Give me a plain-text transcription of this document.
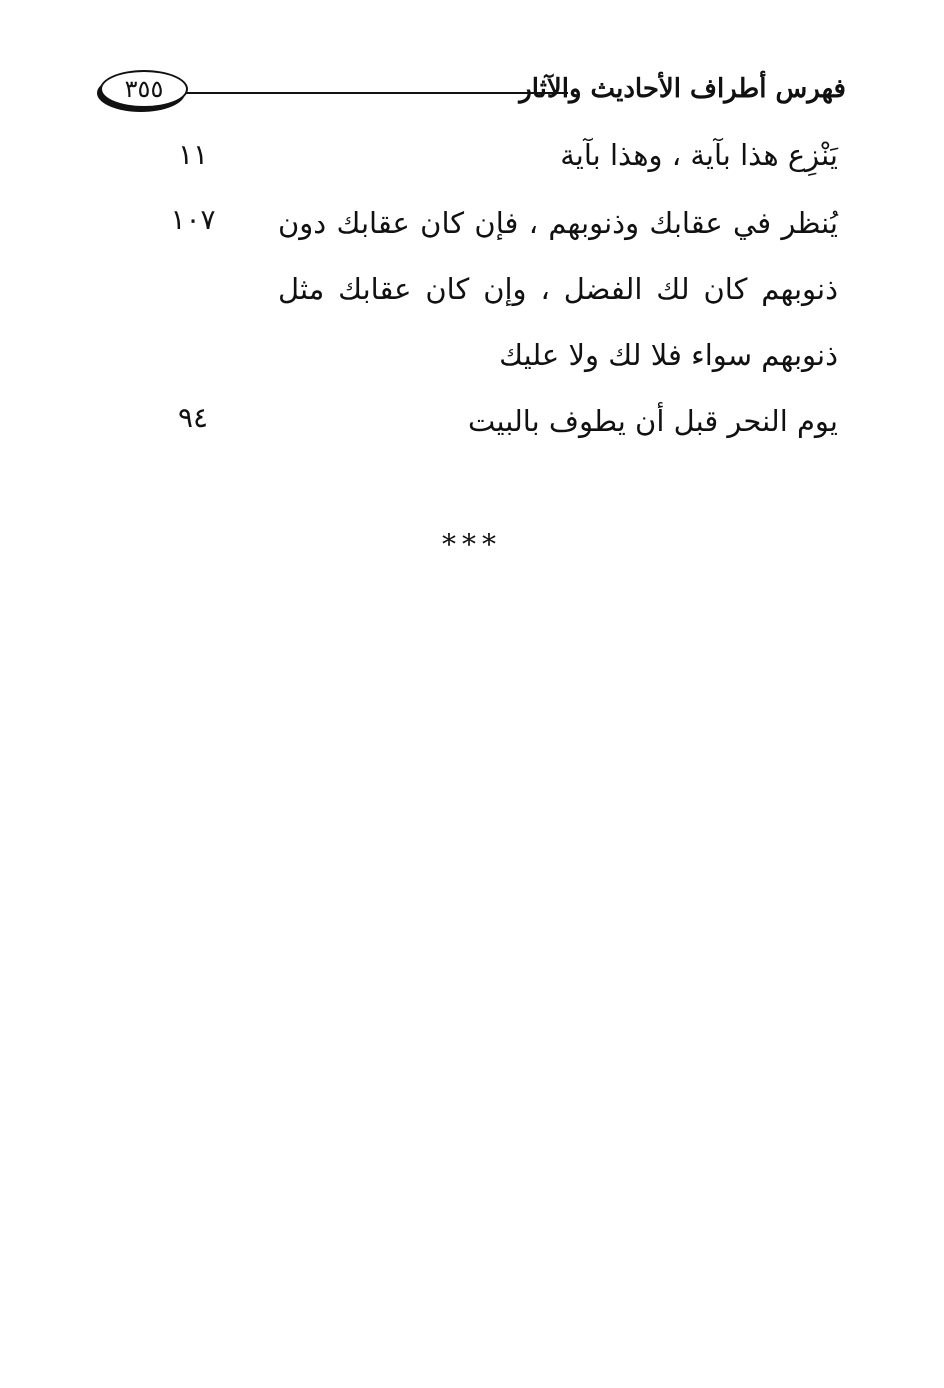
فهرس أطراف الأحاديث والآثار
٣٥٥
يَنْزِع هذا بآية ، وهذا بآية
١١
يُنظر في عقابك وذنوبهم ، فإن كان عقابك دون ذنوبهم كان لك الفضل ، وإن كان عقابك مثل ذنوبهم سواء فلا لك ولا عليك
١٠٧
يوم النحر قبل أن يطوف بالبيت
٩٤
***
